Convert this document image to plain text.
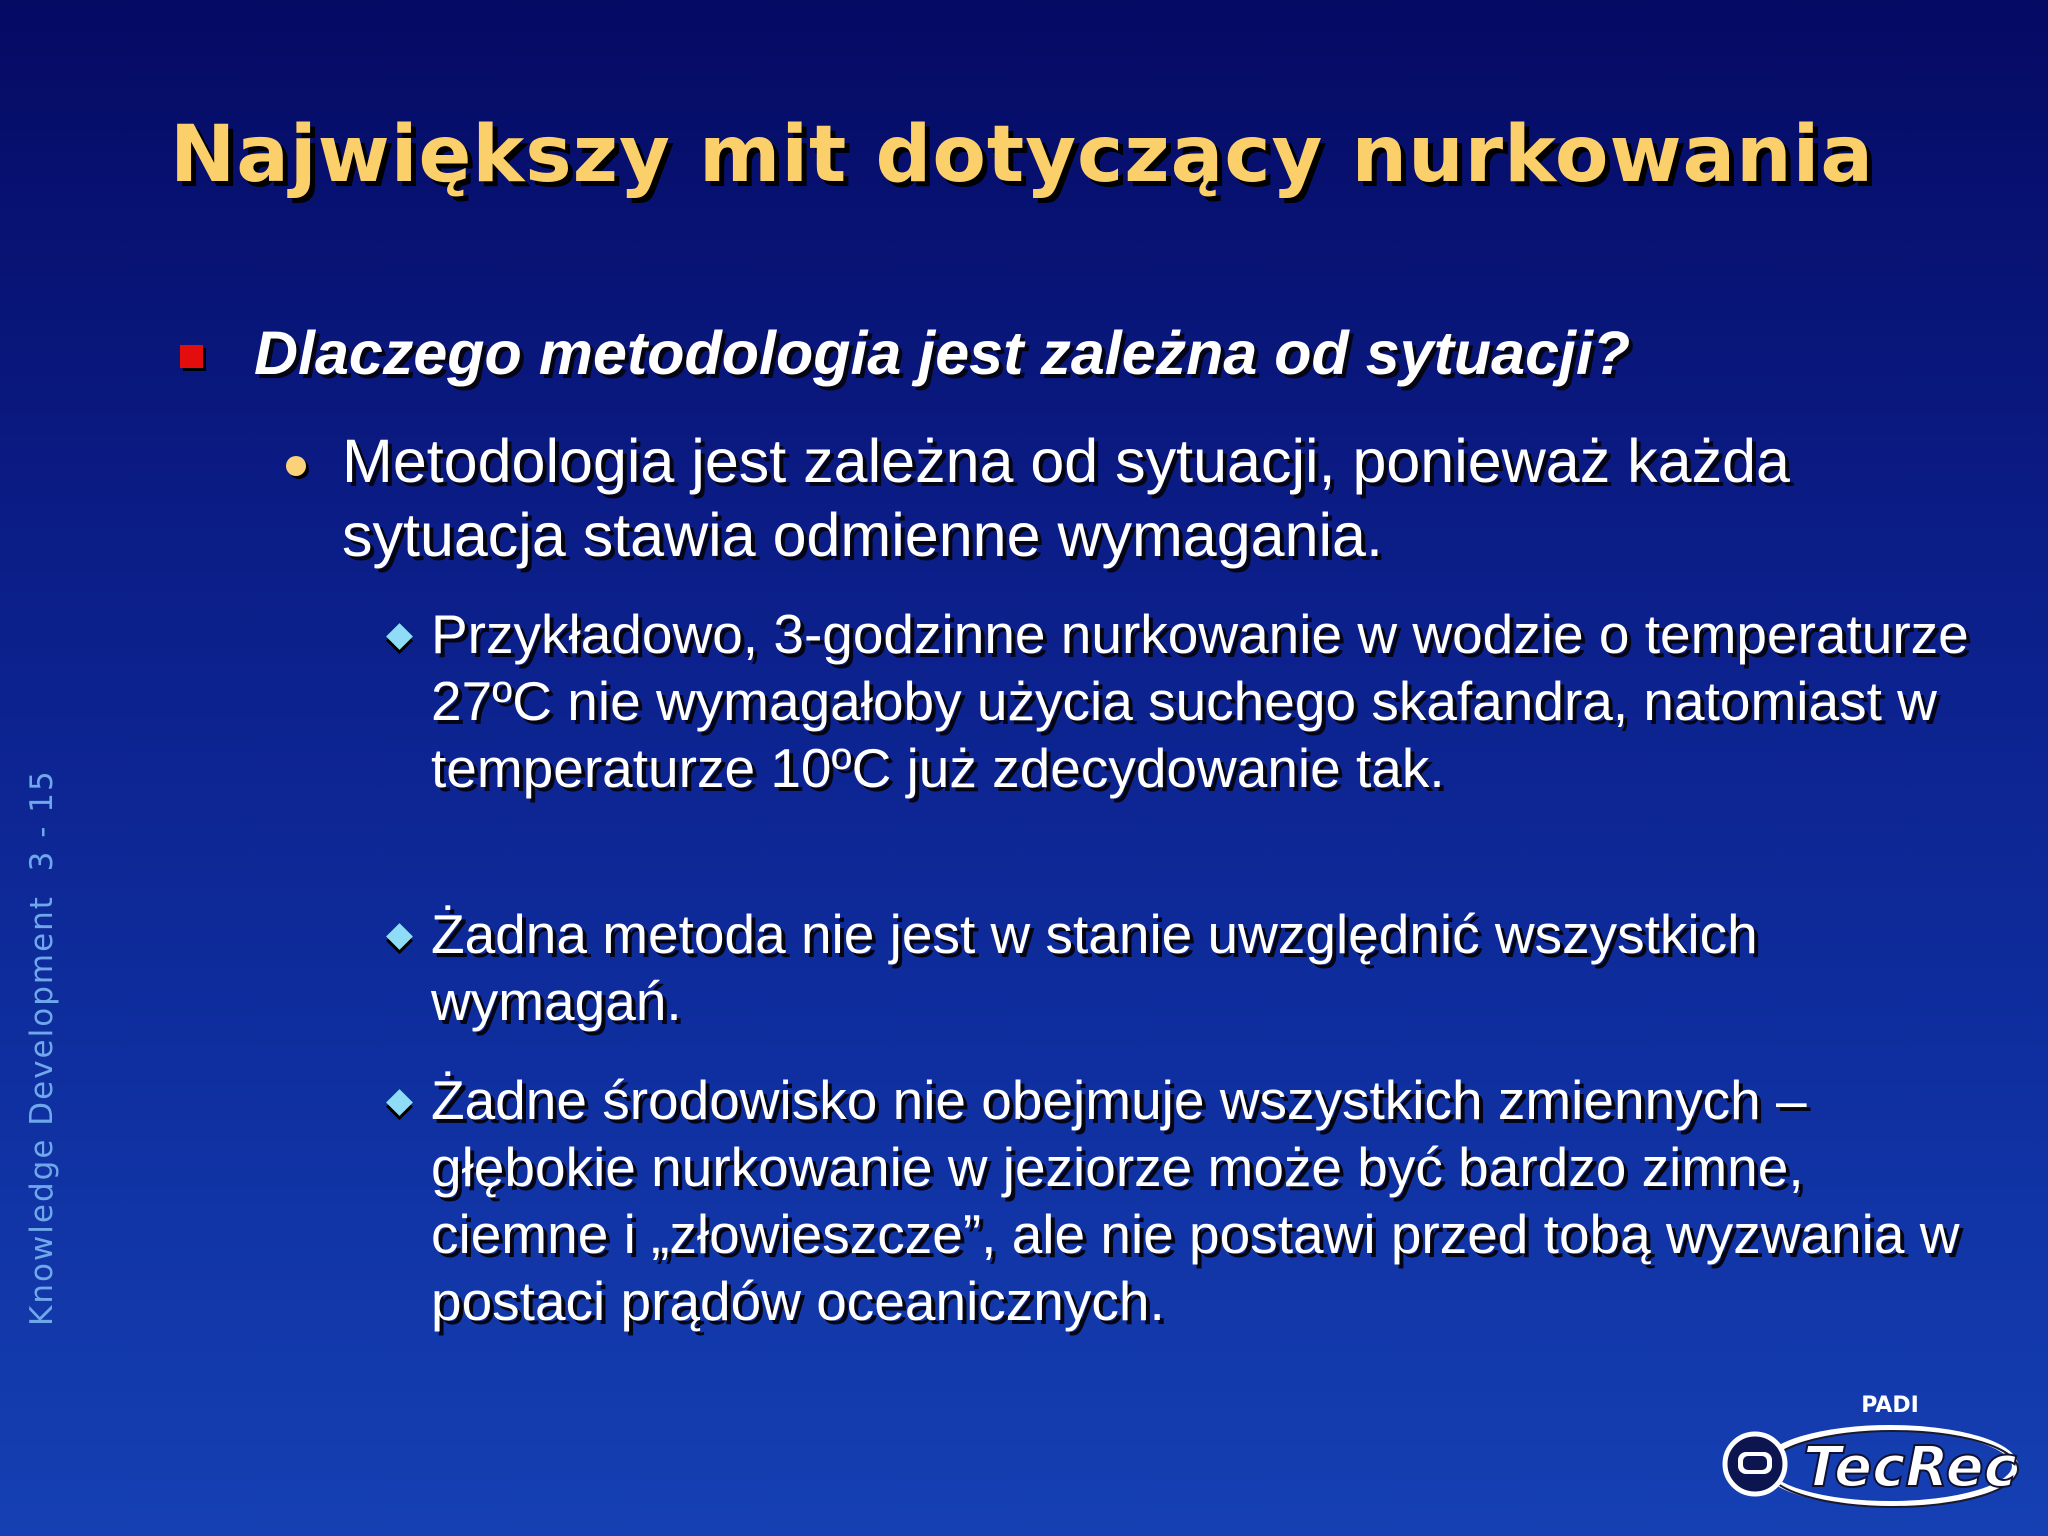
Największy mit dotyczący nurkowania
Dlaczego metodologia jest zależna od sytuacji?
Metodologia jest zależna od sytuacji, ponieważ każda sytuacja stawia odmienne wymagania.
Przykładowo, 3-godzinne nurkowanie w wodzie o temperaturze 27ºC nie wymagałoby użycia suchego skafandra, natomiast w temperaturze 10ºC już zdecydowanie tak.
Żadna metoda nie jest w stanie uwzględnić wszystkich wymagań.
Żadne środowisko nie obejmuje wszystkich zmiennych – głębokie nurkowanie w jeziorze może być bardzo zimne, ciemne i „złowieszcze”, ale nie postawi przed tobą wyzwania w postaci prądów oceanicznych.
Knowledge Development  3 - 15
PADI
TecRec
